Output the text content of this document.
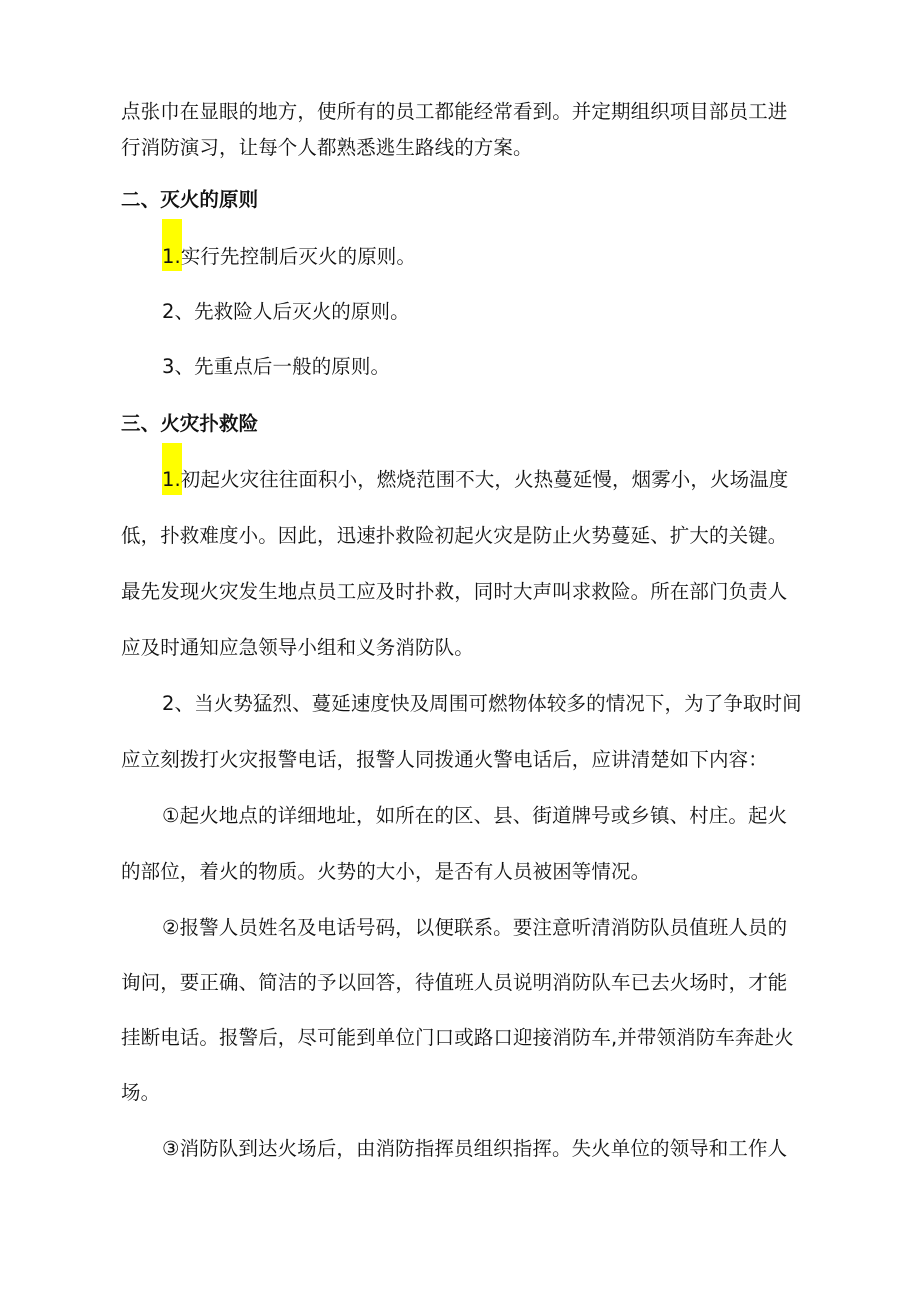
点张巾在显眼的地方，使所有的员工都能经常看到。并定期组织项目部员工进
行消防演习，让每个人都熟悉逃生路线的方案。
二、灭火的原则
1.实行先控制后灭火的原则。
2、先救险人后灭火的原则。
3、先重点后一般的原则。
三、火灾扑救险
1.初起火灾往往面积小，燃烧范围不大，火热蔓延慢，烟雾小，火场温度
低，扑救难度小。因此，迅速扑救险初起火灾是防止火势蔓延、扩大的关键。
最先发现火灾发生地点员工应及时扑救，同时大声叫求救险。所在部门负责人
应及时通知应急领导小组和义务消防队。
2、当火势猛烈、蔓延速度快及周围可燃物体较多的情况下，为了争取时间
应立刻拨打火灾报警电话，报警人同拨通火警电话后，应讲清楚如下内容：
①起火地点的详细地址，如所在的区、县、街道牌号或乡镇、村庄。起火
的部位，着火的物质。火势的大小，是否有人员被困等情况。
②报警人员姓名及电话号码，以便联系。要注意听清消防队员值班人员的
询问，要正确、简洁的予以回答，待值班人员说明消防队车已去火场时，才能
挂断电话。报警后，尽可能到单位门口或路口迎接消防车,并带领消防车奔赴火
场。
③消防队到达火场后，由消防指挥员组织指挥。失火单位的领导和工作人
